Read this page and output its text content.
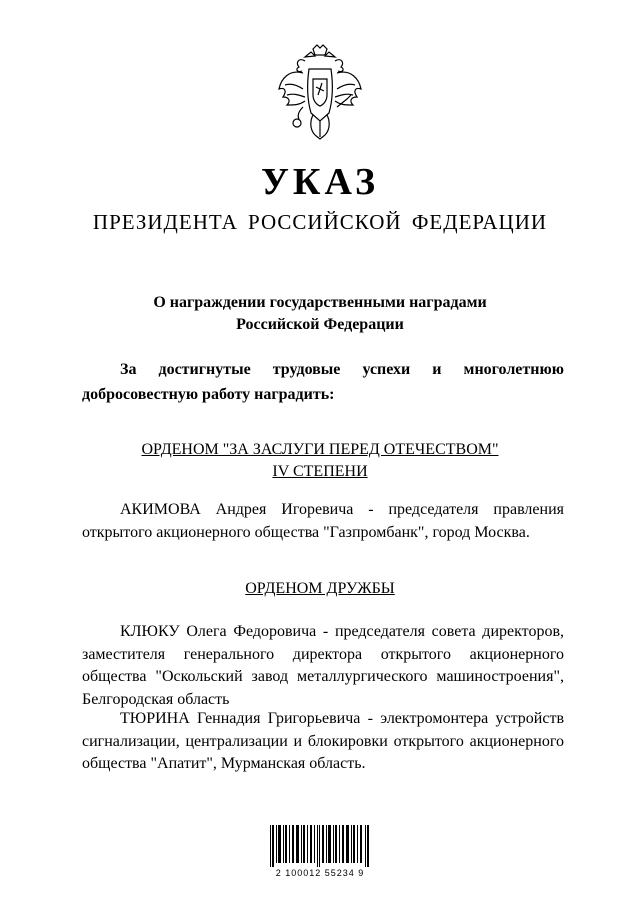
УКАЗ
ПРЕЗИДЕНТА РОССИЙСКОЙ ФЕДЕРАЦИИ
О награждении государственными наградами
Российской Федерации
За достигнутые трудовые успехи и многолетнюю
добросовестную работу наградить:
ОРДЕНОМ "ЗА ЗАСЛУГИ ПЕРЕД ОТЕЧЕСТВОМ"
IV СТЕПЕНИ
АКИМОВА Андрея Игоревича - председателя правления открытого акционерного общества "Газпромбанк", город Москва.
ОРДЕНОМ ДРУЖБЫ
КЛЮКУ Олега Федоровича - председателя совета директоров, заместителя генерального директора открытого акционерного общества "Оскольский завод металлургического машиностроения", Белгородская область
ТЮРИНА Геннадия Григорьевича - электромонтера устройств сигнализации, централизации и блокировки открытого акционерного общества "Апатит", Мурманская область.
2 100012 55234 9
